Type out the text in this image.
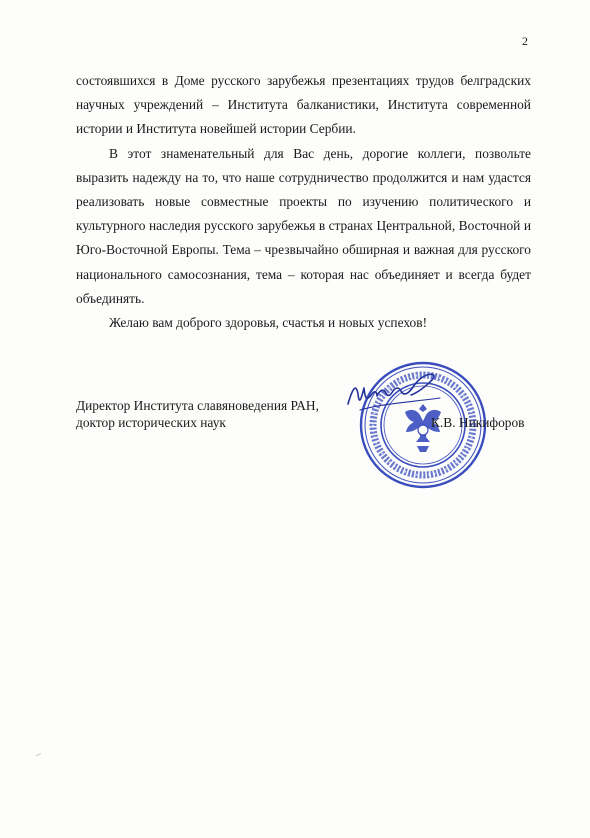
2

состоявшихся в Доме русского зарубежья презентациях трудов белградских научных учреждений – Института балканистики, Института современной истории и Института новейшей истории Сербии.

В этот знаменательный для Вас день, дорогие коллеги, позвольте выразить надежду на то, что наше сотрудничество продолжится и нам удастся реализовать новые совместные проекты по изучению политического и культурного наследия русского зарубежья в странах Центральной, Восточной и Юго-Восточной Европы. Тема – чрезвычайно обширная и важная для русского национального самосознания, тема – которая нас объединяет и всегда будет объединять.

Желаю вам доброго здоровья, счастья и новых успехов!

Директор Института славяноведения РАН,
доктор исторических наук	К.В. Никифоров
